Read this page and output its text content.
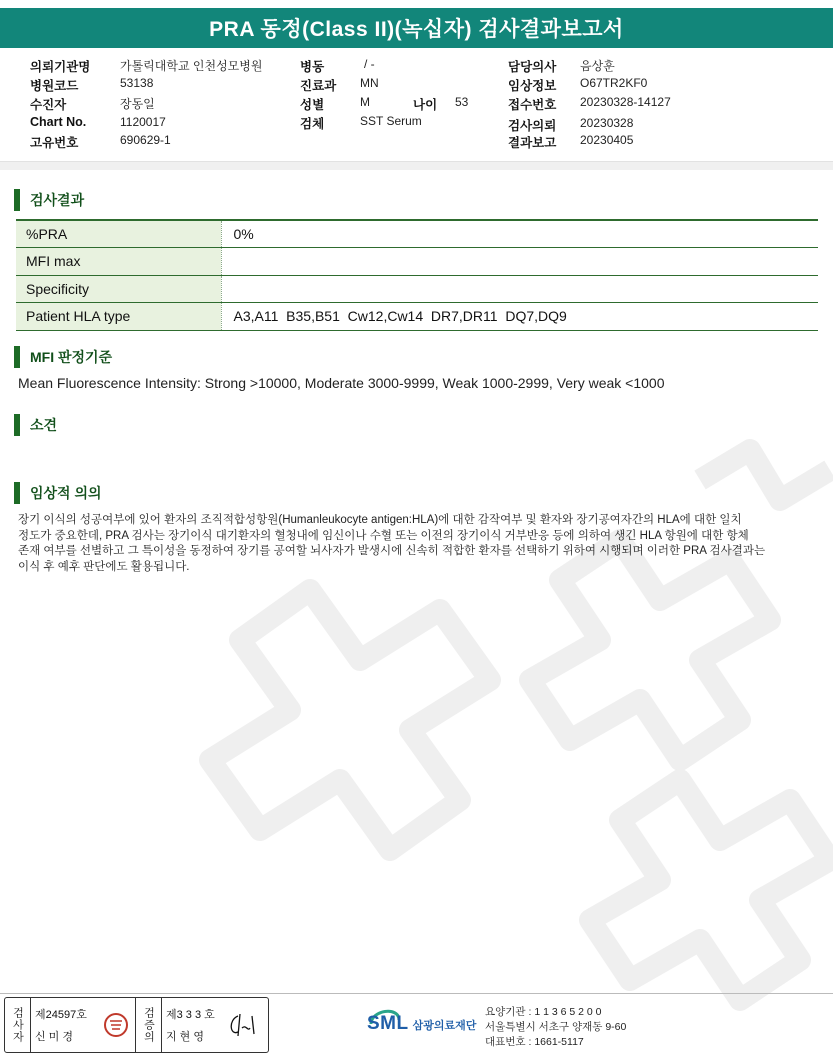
PRA 동정(Class II)(녹십자) 검사결과보고서
의뢰기관명 가톨릭대학교 인천성모병원
병원코드	53138
수진자	장동일
Chart No.	1120017
고유번호	690629-1
병동	/ -
진료과 MN
성별	M	나이 53
검체	SST Serum
담당의사 음상훈
임상정보 O67TR2KF0
접수번호 20230328-14127
검사의뢰 20230328
결과보고 20230405
검사결과
%PRA	0%
MFI max	
Specificity	
Patient HLA type	A3,A11  B35,B51  Cw12,Cw14  DR7,DR11  DQ7,DQ9
MFI 판정기준
Mean Fluorescence Intensity: Strong >10000, Moderate 3000-9999, Weak 1000-2999, Very weak <1000
소견
임상적 의의

장기 이식의 성공여부에 있어 환자의 조직적합성항원(Humanleukocyte antigen:HLA)에 대한 감작여부 및 환자와 장기공여자간의 HLA에 대한 일치

정도가 중요한데, PRA 검사는 장기이식 대기환자의 혈청내에 임신이나 수혈 또는 이전의 장기이식 거부반응 등에 의하여 생긴 HLA 항원에 대한 항체

존재 여부를 선별하고 그 특이성을 동정하여 장기를 공여할 뇌사자가 발생시에 신속히 적합한 환자를 선택하기 위하여 시행되며 이러한 PRA 검사결과는

이식 후 예후 판단에도 활용됩니다.

검사자 제24597호
신 미 경	검증의 제3 3 3 호
지 현 영
SML 삼광의료재단
요양기관 : 1 1 3 6 5 2 0 0
서울특별시 서초구 양재동 9-60
대표번호 : 1661-5117
